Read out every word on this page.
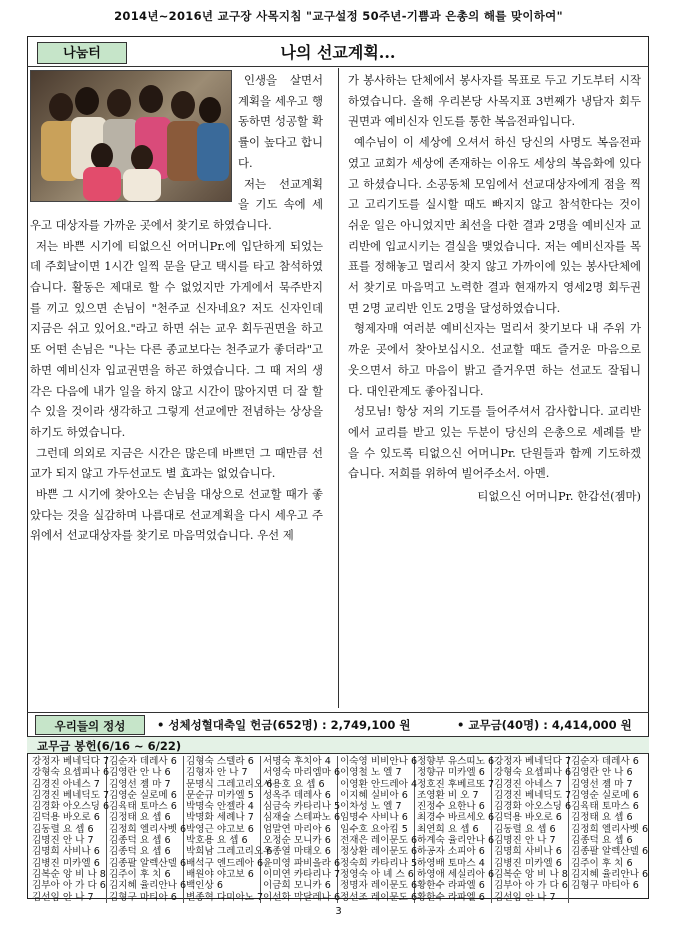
2014년~2016년 교구장 사목지침 "교구설정 50주년-기쁨과 은총의 해를 맞이하여"
나의 선교계획...
나눔터

인생을 살면서 계획을 세우고 행동하면 성공할 확률이 높다고 합니다.

저는 선교계획을 기도 속에 세우고 대상자를 가까운 곳에서 찾기로 하였습니다.

저는 바쁜 시기에 티없으신 어머니Pr.에 입단하게 되었는데 주회날이면 1시간 일찍 문을 닫고 택시를 타고 참석하였습니다. 활동은 제대로 할 수 없었지만 가게에서 묵주반지를 끼고 있으면 손님이 "천주교 신자네요? 저도 신자인데 지금은 쉬고 있어요."라고 하면 쉬는 교우 회두권면을 하고 또 어떤 손님은 "나는 다른 종교보다는 천주교가 좋더라"고 하면 예비신자 입교권면을 하곤 하였습니다. 그 때 저의 생각은 다음에 내가 일을 하지 않고 시간이 많아지면 더 잘 할 수 있을 것이라 생각하고 그렇게 선교에만 전념하는 상상을 하기도 하였습니다.

그런데 의외로 지금은 시간은 많은데 바쁘던 그 때만큼 선교가 되지 않고 가두선교도 별 효과는 없었습니다.

바쁜 그 시기에 찾아오는 손님을 대상으로 선교할 때가 좋았다는 것을 실감하며 나름대로 선교계획을 다시 세우고 주위에서 선교대상자를 찾기로 마음먹었습니다. 우선 제

가 봉사하는 단체에서 봉사자를 목표로 두고 기도부터 시작하였습니다. 올해 우리본당 사목지표 3번째가 냉담자 회두권면과 예비신자 인도를 통한 복음전파입니다.

예수님이 이 세상에 오셔서 하신 당신의 사명도 복음전파였고 교회가 세상에 존재하는 이유도 세상의 복음화에 있다고 하셨습니다. 소공동체 모임에서 선교대상자에게 점을 찍고 고리기도를 실시할 때도 빠지지 않고 참석한다는 것이 쉬운 일은 아니었지만 최선을 다한 결과 2명을 예비신자 교리반에 입교시키는 결실을 맺었습니다. 저는 예비신자를 목표를 정해놓고 멀리서 찾지 않고 가까이에 있는 봉사단체에서 찾기로 마음먹고 노력한 결과 현재까지 영세2명 회두권면 2명 교리반 인도 2명을 달성하였습니다.

형제자매 여러분 예비신자는 멀리서 찾기보다 내 주위 가까운 곳에서 찾아보십시오. 선교할 때도 즐거운 마음으로 웃으면서 하고 마음이 밝고 즐거우면 하는 선교도 잘됩니다. 대인관계도 좋아집니다.

성모님! 항상 저의 기도를 들어주셔서 감사합니다. 교리반에서 교리를 받고 있는 두분이 당신의 은총으로 세례를 받을 수 있도록 티없으신 어머니Pr. 단원들과 함께 기도하겠습니다. 저희를 위하여 빌어주소서. 아멘.

티없으신 어머니Pr. 한갑선(젬마)
우리들의 정성	• 성체성혈대축일 헌금(652명) : 2,749,100 원	• 교무금(40명) : 4,414,000 원
교무금 봉헌(6/16 ~ 6/22)
강정자 베네딕다 7
강형숙 요셉피나 6
김경진 아네스 7
김경진 베네딕도 7
김경화 아오스딩 6
김덕용 바오로 6
김동렬 요 셉 6
김명진 안 나 7
김명희 사비나 6
김병진 미카엘 6
김복순 앙 비 나 8
김부아 아 가 다 6
김선임 안 나 7
김순자 데레사 6
김영란 안 나 6
김영선 젬 마 7
김영순 실로메 6
김육태 토마스 6
김정태 요 셉 6
김정희 엘리사벳 6
김종덕 요 셉 6
김종덕 요 셉 6
김종팔 알렉산델 6
김주이 후 치 6
김지혜 율리안나 6
김형구 마티아 6
김형숙 스텔라 6
김형자 안 나 7
문명식 그레고리오 6
문순규 미카엘 5
박명숙 안젤라 4
박명화 세례나 7
박영근 야고보 6
박호용 요 셉 6
박희남 그레고리오 6
배석구 엔드레아 6
배원야 야고보 6
백인상 6
변종혁 다미아노 7
서명숙 후치아 4
서영숙 마리엠마 6
서용호 요 셉 6
성옥주 데레사 6
심금숙 카타리나 5
심재술 스테파노 6
엄말연 마리아 6
오정순 모니카 6
우종열 마태오 6
윤미영 파비올라 6
이미연 카타리나 7
이금희 모니카 6
이선화 막달레나 6
이숙영 비비안나 6
이영철 노 엘 7
이영환 안드레아 4
이지혜 실비아 6
이차성 노 엘 7
임명수 사비나 6
임수호 요아킴 5
전재은 레이문도 6
정상환 레이문도 6
정숙희 카타리나 5
정영숙 아 녜 스 6
정명자 레이문도 6
정선조 레이문도 6
정향부 유스띠노 6
정향규 미카엘 6
정호진 후베르또 7
조영환 비 오 7
진정수 요한나 6
최경수 바르세오 6
최연희 요 셉 6
하계숙 율리안나 6
하공자 소피아 6
하영배 토마스 4
하영애 세실리아 6
황한수 라파엘 6
황한수 라파엘 6
강정자 베네딕다 7
강형숙 요셉피나 6
김경진 아네스 7
김경진 베네딕도 7
김경화 아오스딩 6
김덕용 바오로 6
김동렬 요 셉 6
김명진 안 나 7
김명희 사비나 6
김병진 미카엘 6
김복순 앙 비 나 8
김부아 아 가 다 6
김선임 안 나 7
김순자 데레사 6
김영란 안 나 6
김영선 젬 마 7
김영순 실로메 6
김육태 토마스 6
김정태 요 셉 6
김정희 엘리사벳 6
김종덕 요 셉 6
김종팔 알렉산델 6
김주이 후 치 6
김지혜 율리안나 6
김형구 마티아 6
3
